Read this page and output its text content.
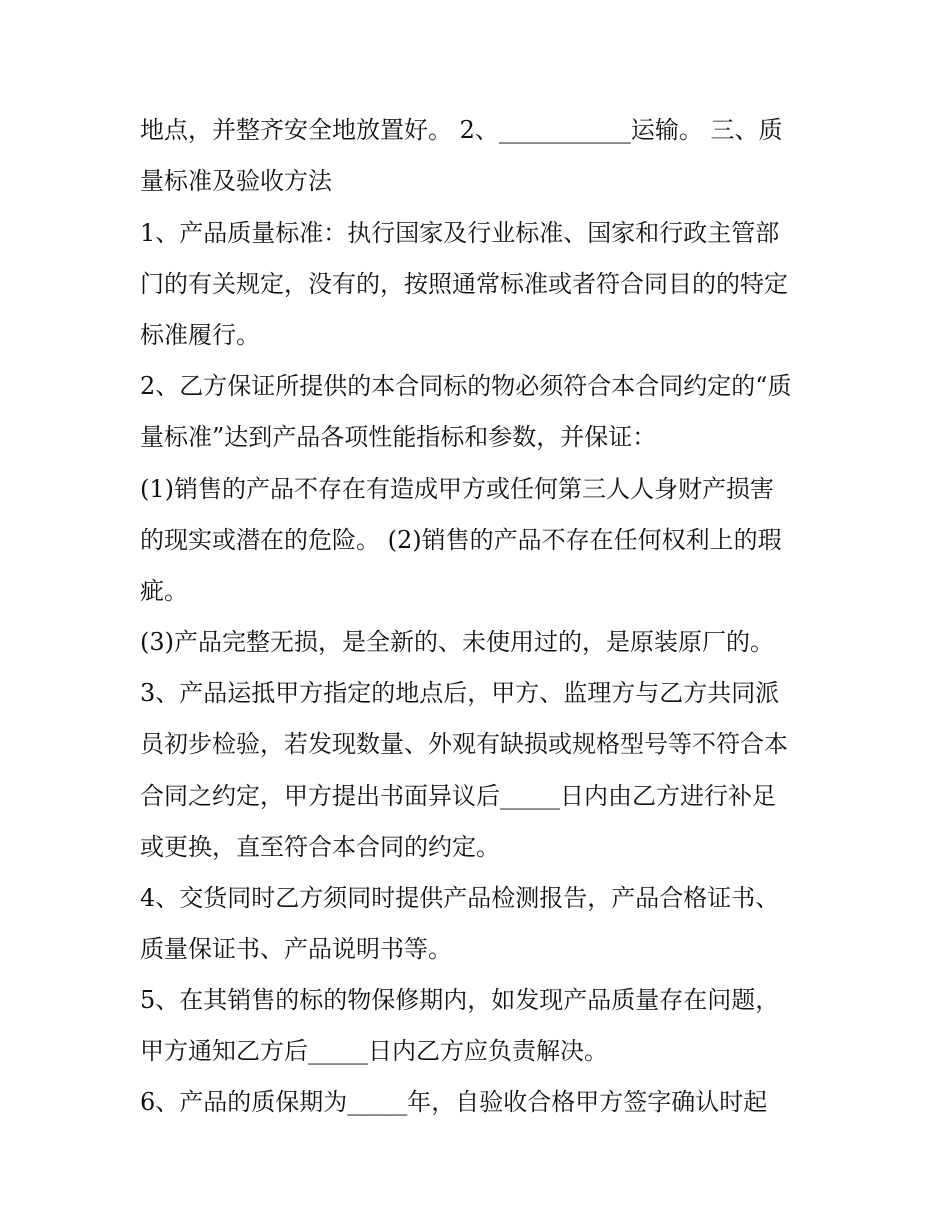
地点，并整齐安全地放置好。 2、___________运输。 三、质

量标准及验收方法

1、产品质量标准：执行国家及行业标准、国家和行政主管部

门的有关规定，没有的，按照通常标准或者符合同目的的特定

标准履行。

2、乙方保证所提供的本合同标的物必须符合本合同约定的“质

量标准”达到产品各项性能指标和参数，并保证：

(1)销售的产品不存在有造成甲方或任何第三人人身财产损害

的现实或潜在的危险。 (2)销售的产品不存在任何权利上的瑕

疵。

(3)产品完整无损，是全新的、未使用过的，是原装原厂的。

3、产品运抵甲方指定的地点后，甲方、监理方与乙方共同派

员初步检验，若发现数量、外观有缺损或规格型号等不符合本

合同之约定，甲方提出书面异议后_____日内由乙方进行补足

或更换，直至符合本合同的约定。

4、交货同时乙方须同时提供产品检测报告，产品合格证书、

质量保证书、产品说明书等。

5、在其销售的标的物保修期内，如发现产品质量存在问题，

甲方通知乙方后_____日内乙方应负责解决。

6、产品的质保期为_____年，自验收合格甲方签字确认时起
